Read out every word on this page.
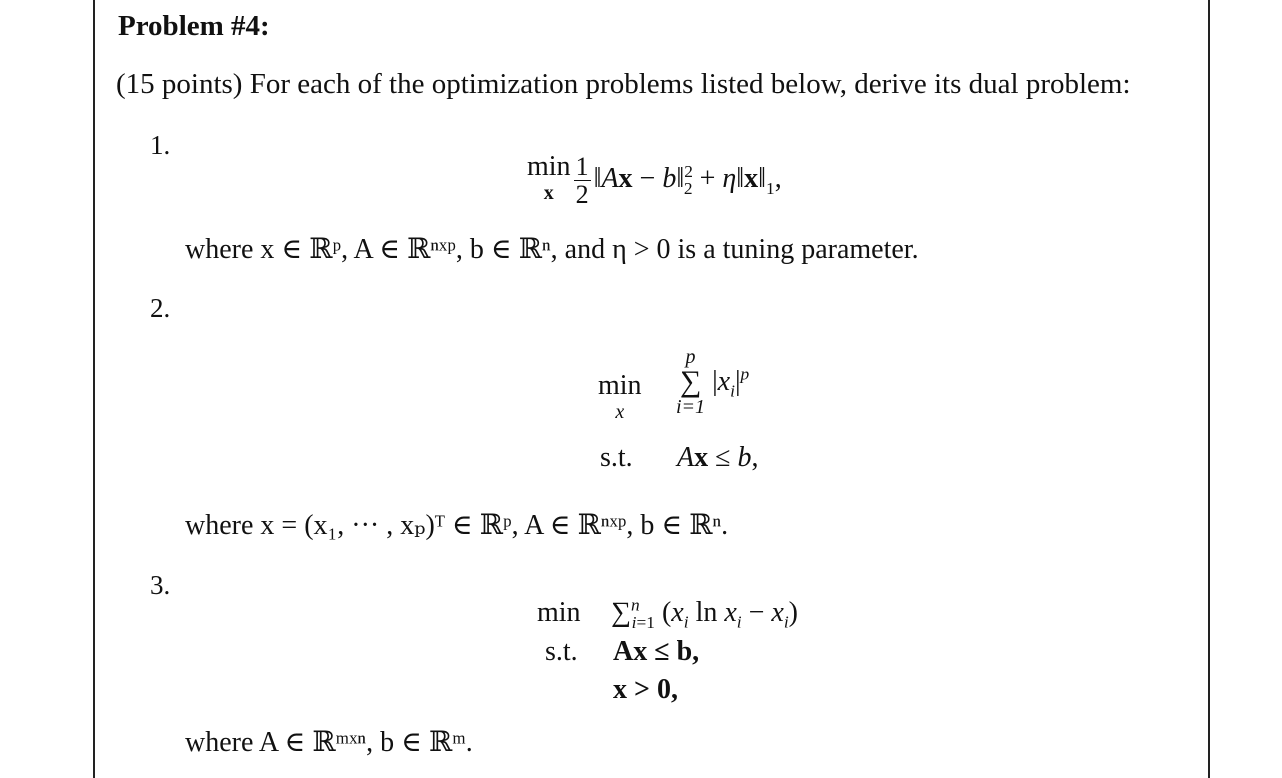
Problem #4:
(15 points) For each of the optimization problems listed below, derive its dual problem:
1.
min
x $\frac{1}{2}$ ‖Ax − b‖$^2_2$ + $\eta‖x‖_1$,
where x ∈ ℝᵖ, A ∈ ℝⁿˣᵖ, b ∈ ℝⁿ, and η > 0 is a tuning parameter.
2.
min
x
p
∑
i=1
$|x_i|^p$
s.t. Ax ≤ b,
where x = (x₁, ··· , xₚ)ᵀ ∈ ℝᵖ, A ∈ ℝⁿˣᵖ, b ∈ ℝⁿ.
3.
min ∑$^n_{i=1}$ ($x_i$ $\ln x_i - x_i$)
s.t. Ax ≤ b,
x > 0,
where A ∈ ℝᵐˣⁿ, b ∈ ℝᵐ.
